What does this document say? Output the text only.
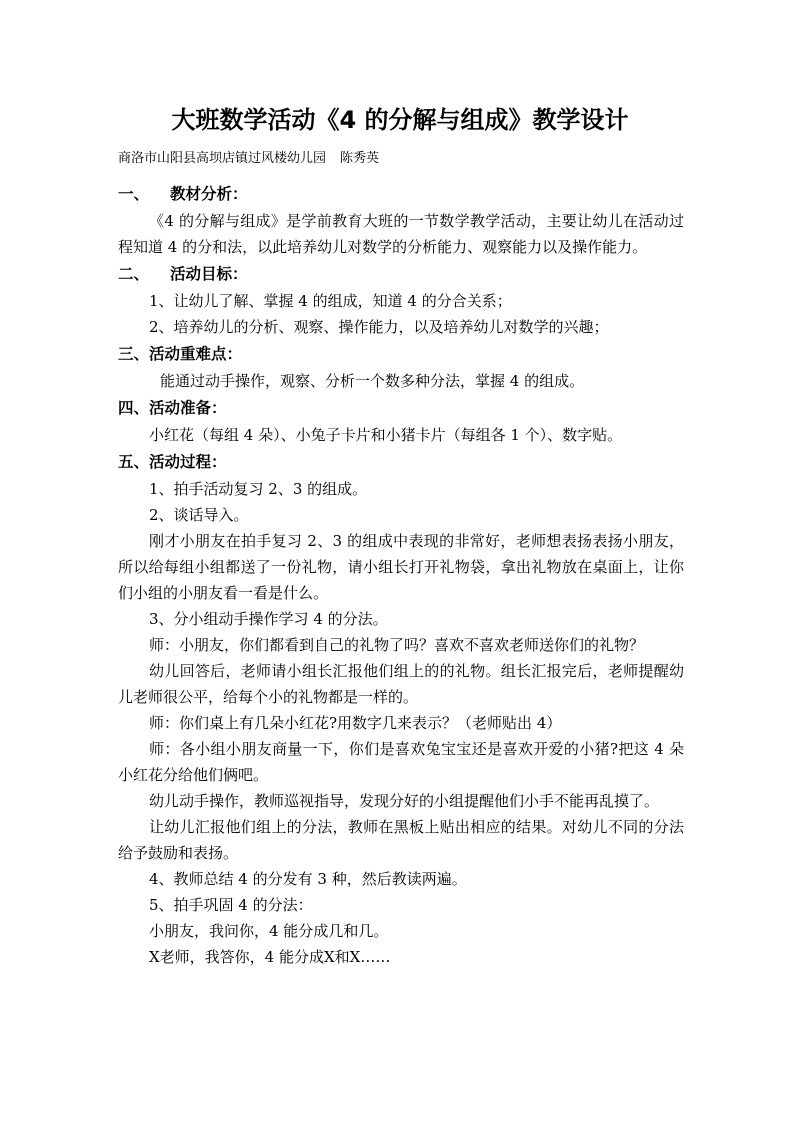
大班数学活动《4 的分解与组成》教学设计
商洛市山阳县高坝店镇过风楼幼儿园 陈秀英
一、 教材分析：
《4 的分解与组成》是学前教育大班的一节数学教学活动，主要让幼儿在活动过程知道 4 的分和法，以此培养幼儿对数学的分析能力、观察能力以及操作能力。
二、 活动目标：
1、让幼儿了解、掌握 4 的组成，知道 4 的分合关系；
2、培养幼儿的分析、观察、操作能力，以及培养幼儿对数学的兴趣；
三、活动重难点：
能通过动手操作，观察、分析一个数多种分法，掌握 4 的组成。
四、活动准备：
小红花（每组 4 朵）、小兔子卡片和小猪卡片（每组各 1 个）、数字贴。
五、活动过程：
1、拍手活动复习 2、3 的组成。
2、谈话导入。
刚才小朋友在拍手复习 2、3 的组成中表现的非常好，老师想表扬表扬小朋友，所以给每组小组都送了一份礼物，请小组长打开礼物袋，拿出礼物放在桌面上，让你们小组的小朋友看一看是什么。
3、分小组动手操作学习 4 的分法。
师：小朋友，你们都看到自己的礼物了吗？喜欢不喜欢老师送你们的礼物？
幼儿回答后，老师请小组长汇报他们组上的的礼物。组长汇报完后，老师提醒幼儿老师很公平，给每个小的礼物都是一样的。
师：你们桌上有几朵小红花?用数字几来表示？（老师贴出 4）
师：各小组小朋友商量一下，你们是喜欢兔宝宝还是喜欢开爱的小猪?把这 4 朵小红花分给他们俩吧。
幼儿动手操作，教师巡视指导，发现分好的小组提醒他们小手不能再乱摸了。
让幼儿汇报他们组上的分法，教师在黑板上贴出相应的结果。对幼儿不同的分法给予鼓励和表扬。
4、教师总结 4 的分发有 3 种，然后教读两遍。
5、拍手巩固 4 的分法：
小朋友，我问你，4 能分成几和几。
X老师，我答你，4 能分成X和X……
